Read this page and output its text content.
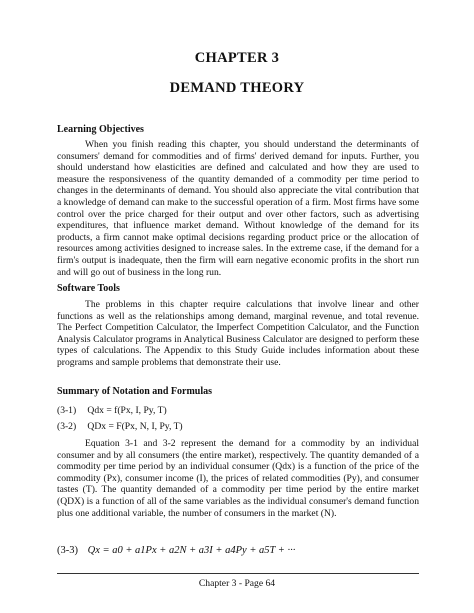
CHAPTER 3
DEMAND THEORY
Learning Objectives

When you finish reading this chapter, you should understand the determinants of consumers' demand for commodities and of firms' derived demand for inputs. Further, you should understand how elasticities are defined and calculated and how they are used to measure the responsiveness of the quantity demanded of a commodity per time period to changes in the determinants of demand. You should also appreciate the vital contribution that a knowledge of demand can make to the successful operation of a firm. Most firms have some control over the price charged for their output and over other factors, such as advertising expenditures, that influence market demand. Without knowledge of the demand for its products, a firm cannot make optimal decisions regarding product price or the allocation of resources among activities designed to increase sales. In the extreme case, if the demand for a firm's output is inadequate, then the firm will earn negative economic profits in the short run and will go out of business in the long run.

Software Tools

The problems in this chapter require calculations that involve linear and other functions as well as the relationships among demand, marginal revenue, and total revenue. The Perfect Competition Calculator, the Imperfect Competition Calculator, and the Function Analysis Calculator programs in Analytical Business Calculator are designed to perform these types of calculations. The Appendix to this Study Guide includes information about these programs and sample problems that demonstrate their use.

Summary of Notation and Formulas
(3-1) Qdx = f(Px, I, Py, T)
(3-2) QDx = F(Px, N, I, Py, T)

Equation 3-1 and 3-2 represent the demand for a commodity by an individual consumer and by all consumers (the entire market), respectively. The quantity demanded of a commodity per time period by an individual consumer (Qdx) is a function of the price of the commodity (Px), consumer income (I), the prices of related commodities (Py), and consumer tastes (T). The quantity demanded of a commodity per time period by the entire market (QDX) is a function of all of the same variables as the individual consumer's demand function plus one additional variable, the number of consumers in the market (N).

(3-3) Qx = a0 + a1Px + a2N + a3I + a4Py + a5T + ···
Chapter 3 - Page 64
